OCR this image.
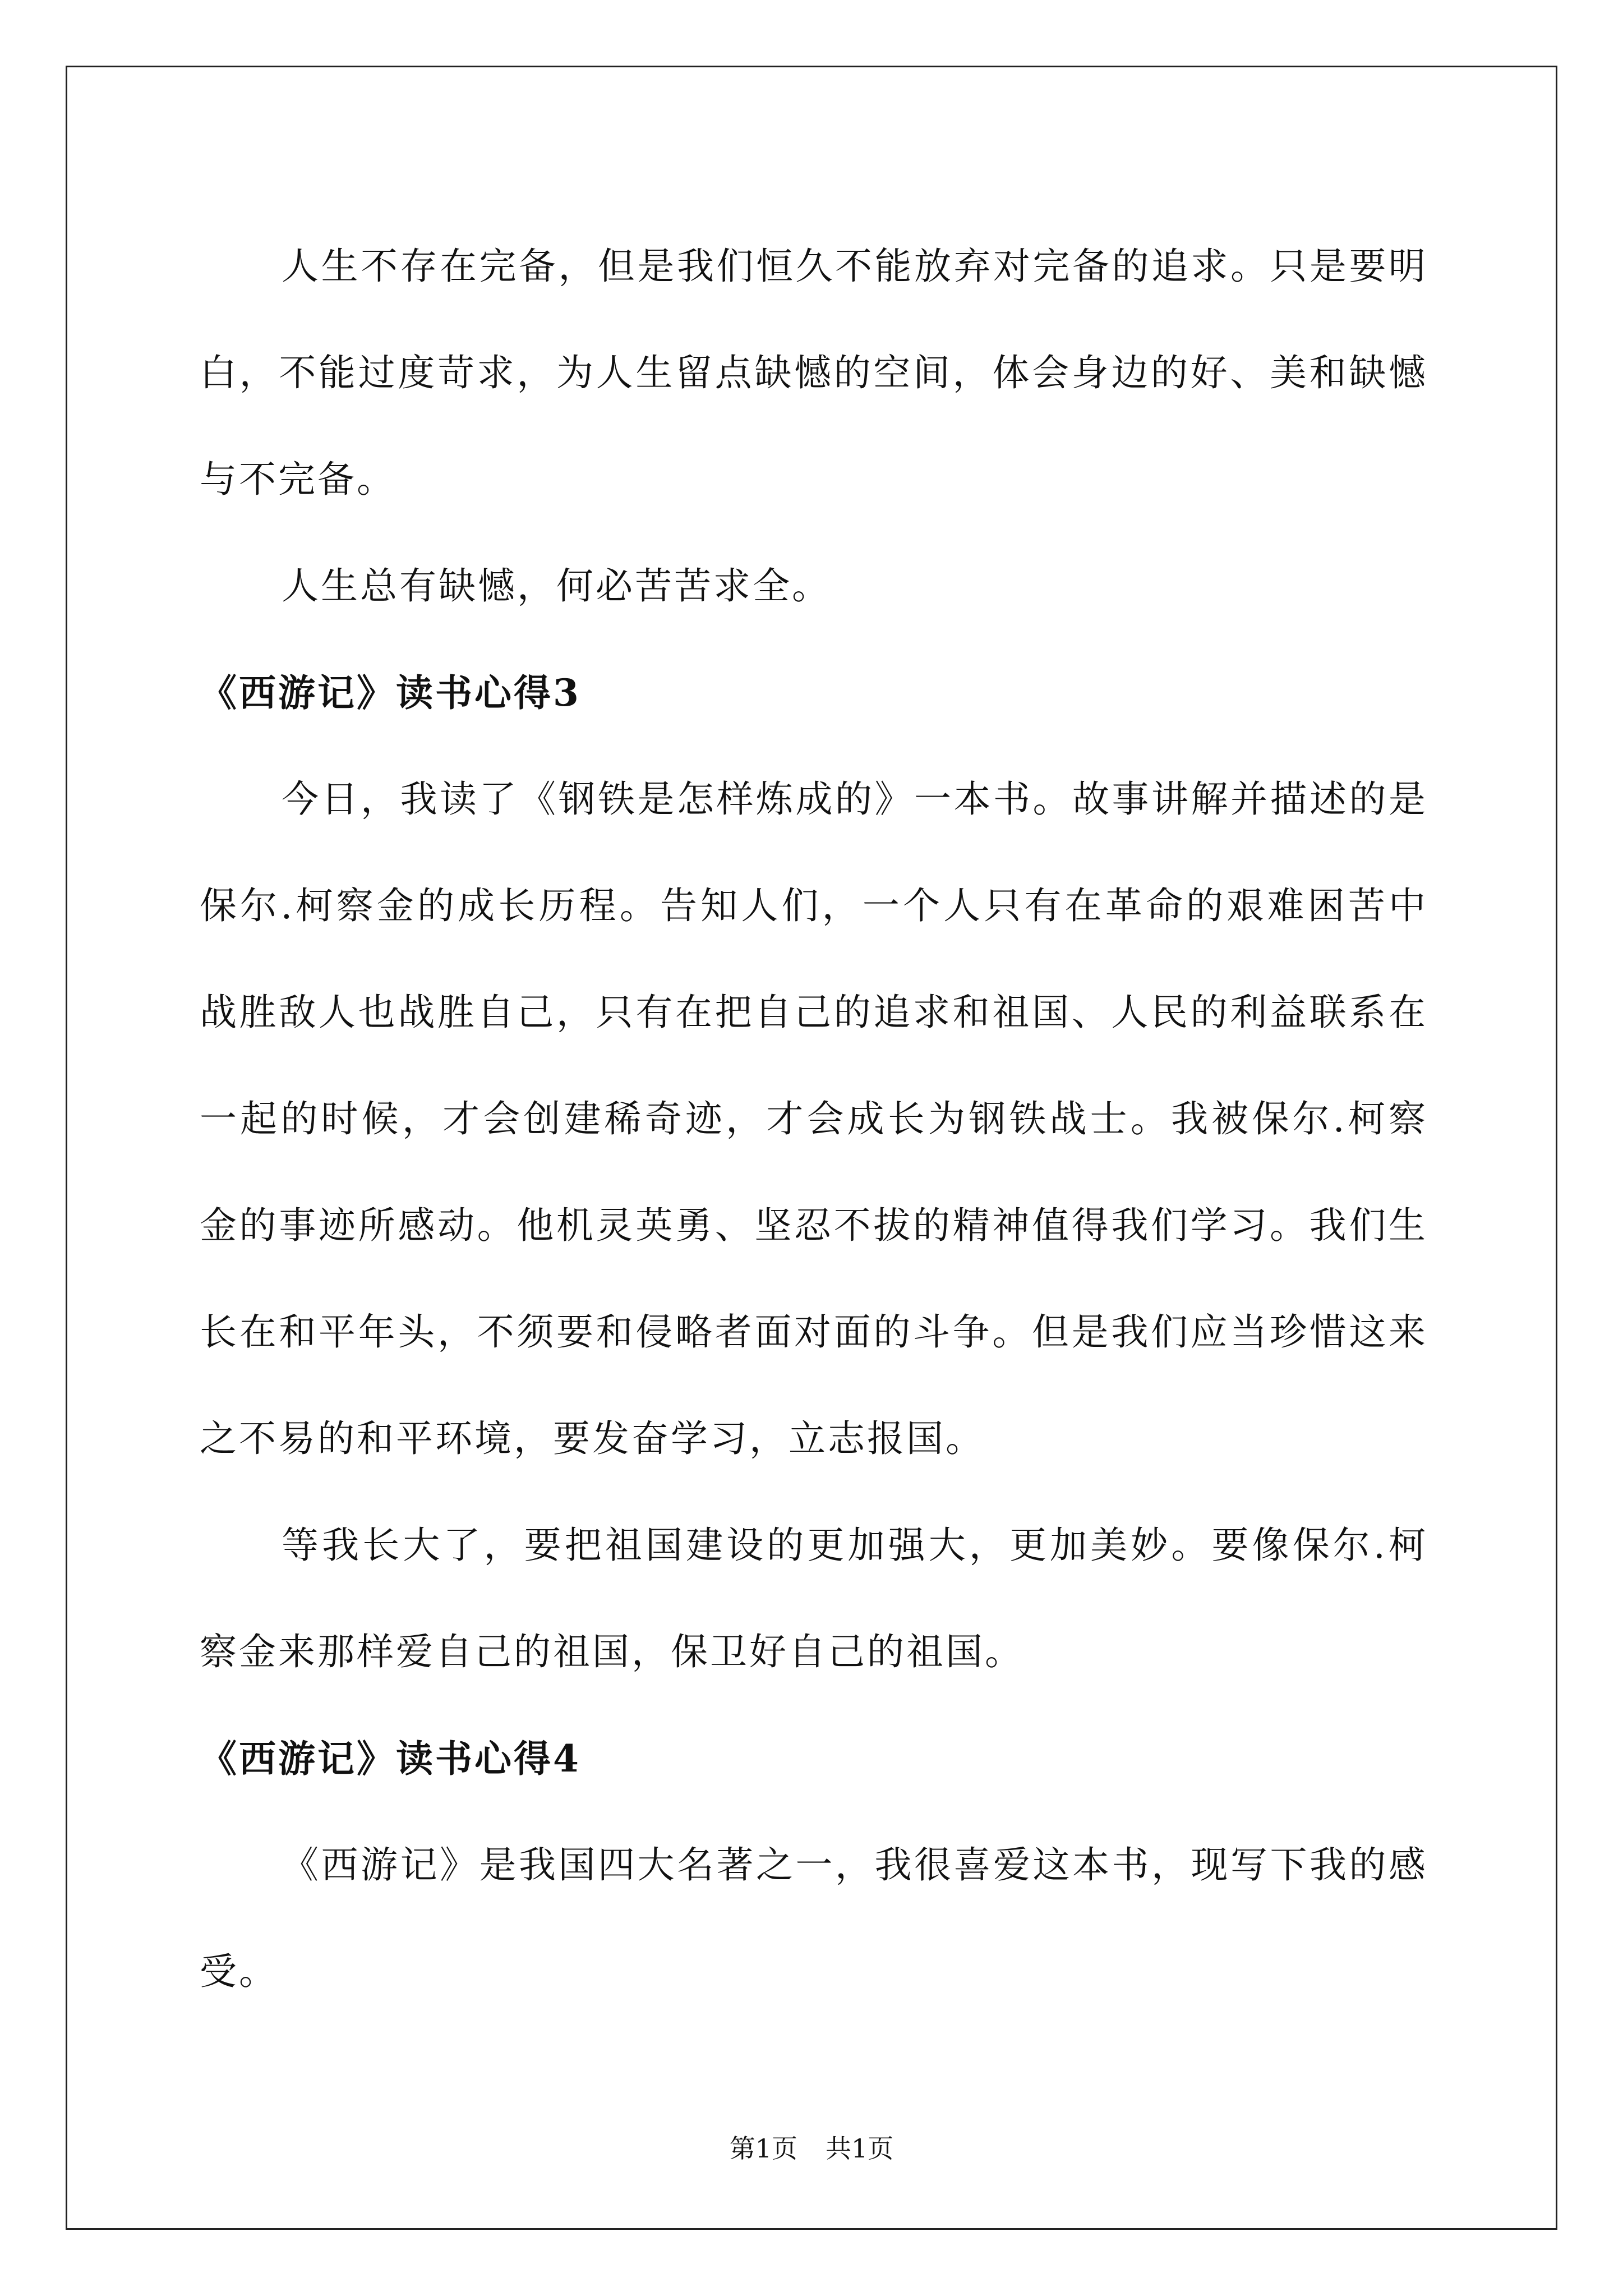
人生不存在完备，但是我们恒久不能放弃对完备的追求。只是要明白，不能过度苛求，为人生留点缺憾的空间，体会身边的好、美和缺憾与不完备。

人生总有缺憾，何必苦苦求全。

《西游记》读书心得3

今日，我读了《钢铁是怎样炼成的》一本书。故事讲解并描述的是保尔.柯察金的成长历程。告知人们，一个人只有在革命的艰难困苦中战胜敌人也战胜自己，只有在把自己的追求和祖国、人民的利益联系在一起的时候，才会创建稀奇迹，才会成长为钢铁战士。我被保尔.柯察金的事迹所感动。他机灵英勇、坚忍不拔的精神值得我们学习。我们生长在和平年头，不须要和侵略者面对面的斗争。但是我们应当珍惜这来之不易的和平环境，要发奋学习，立志报国。

等我长大了，要把祖国建设的更加强大，更加美妙。要像保尔.柯察金来那样爱自己的祖国，保卫好自己的祖国。

《西游记》读书心得4

《西游记》是我国四大名著之一，我很喜爱这本书，现写下我的感受。

第1页 共1页
